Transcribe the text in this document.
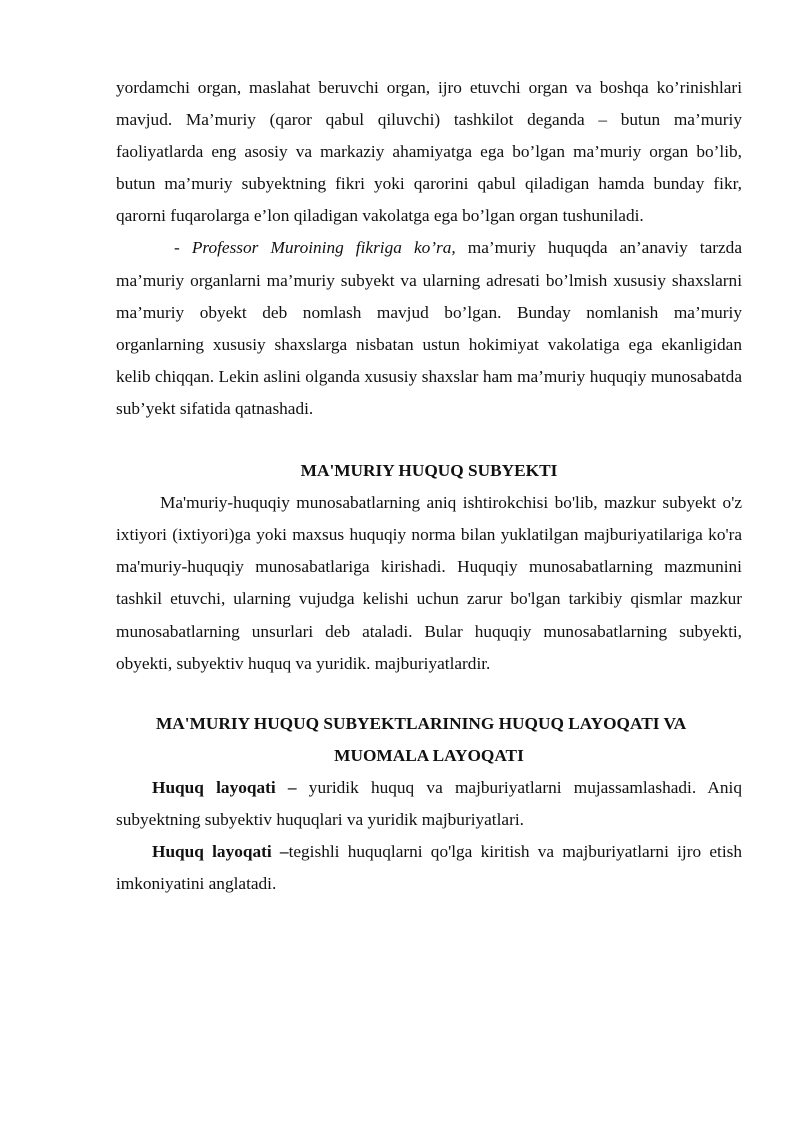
yordamchi organ, maslahat beruvchi organ, ijro etuvchi organ va boshqa ko’rinishlari mavjud. Ma’muriy (qaror qabul qiluvchi) tashkilot deganda – butun ma’muriy faoliyatlarda eng asosiy va markaziy ahamiyatga ega bo’lgan ma’muriy organ bo’lib, butun ma’muriy subyektning fikri yoki qarorini qabul qiladigan hamda bunday fikr, qarorni fuqarolarga e’lon qiladigan vakolatga ega bo’lgan organ tushuniladi.

- Professor Muroining fikriga ko’ra, ma’muriy huquqda an’anaviy tarzda ma’muriy organlarni ma’muriy subyekt va ularning adresati bo’lmish xususiy shaxslarni ma’muriy obyekt deb nomlash mavjud bo’lgan. Bunday nomlanish ma’muriy organlarning xususiy shaxslarga nisbatan ustun hokimiyat vakolatiga ega ekanligidan kelib chiqqan. Lekin aslini olganda xususiy shaxslar ham ma’muriy huquqiy munosabatda sub’yekt sifatida qatnashadi.

MA'MURIY HUQUQ SUBYEKTI

Ma'muriy-huquqiy munosabatlarning aniq ishtirokchisi bo'lib, mazkur subyekt o'z ixtiyori (ixtiyori)ga yoki maxsus huquqiy norma bilan yuklatilgan majburiyatilariga ko'ra ma'muriy-huquqiy munosabatlariga kirishadi. Huquqiy munosabatlarning mazmunini tashkil etuvchi, ularning vujudga kelishi uchun zarur bo'lgan tarkibiy qismlar mazkur munosabatlarning unsurlari deb ataladi. Bular huquqiy munosabatlarning subyekti, obyekti, subyektiv huquq va yuridik. majburiyatlardir.

MA'MURIY HUQUQ SUBYEKTLARINING HUQUQ LAYOQATI VA

MUOMALA LAYOQATI

Huquq layoqati – yuridik huquq va majburiyatlarni mujassamlashadi. Aniq subyektning subyektiv huquqlari va yuridik majburiyatlari.

Huquq layoqati –tegishli huquqlarni qo'lga kiritish va majburiyatlarni ijro etish imkoniyatini anglatadi.
